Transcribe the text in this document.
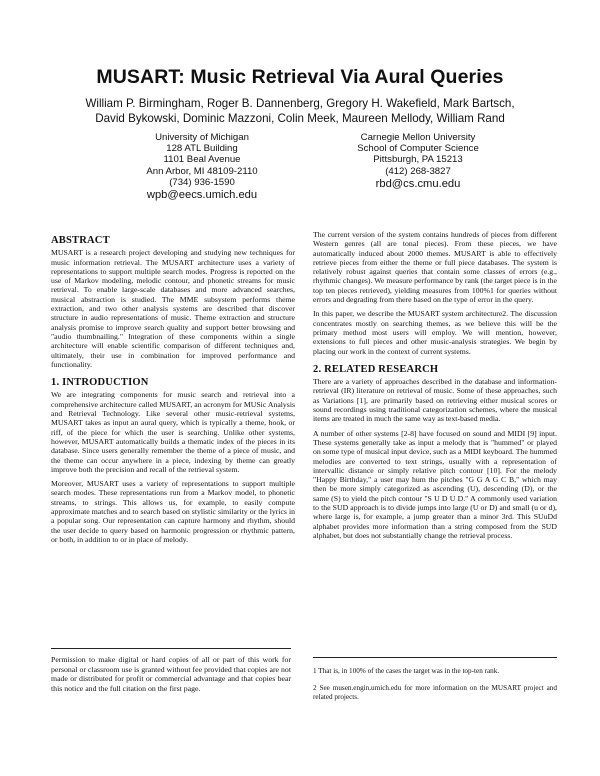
MUSART: Music Retrieval Via Aural Queries
William P. Birmingham, Roger B. Dannenberg, Gregory H. Wakefield, Mark Bartsch,
David Bykowski, Dominic Mazzoni, Colin Meek, Maureen Mellody, William Rand
University of Michigan
128 ATL Building
1101 Beal Avenue
Ann Arbor, MI 48109-2110
(734) 936-1590
wpb@eecs.umich.edu
Carnegie Mellon University
School of Computer Science
Pittsburgh, PA 15213
(412) 268-3827
rbd@cs.cmu.edu
ABSTRACT

MUSART is a research project developing and studying new techniques for music information retrieval. The MUSART architecture uses a variety of representations to support multiple search modes. Progress is reported on the use of Markov modeling, melodic contour, and phonetic streams for music retrieval. To enable large-scale databases and more advanced searches, musical abstraction is studied. The MME subsystem performs theme extraction, and two other analysis systems are described that discover structure in audio representations of music. Theme extraction and structure analysis promise to improve search quality and support better browsing and "audio thumbnailing." Integration of these components within a single architecture will enable scientific comparison of different techniques and, ultimately, their use in combination for improved performance and functionality.

1. INTRODUCTION

We are integrating components for music search and retrieval into a comprehensive architecture called MUSART, an acronym for MUSic Analysis and Retrieval Technology. Like several other music-retrieval systems, MUSART takes as input an aural query, which is typically a theme, hook, or riff, of the piece for which the user is searching. Unlike other systems, however, MUSART automatically builds a thematic index of the pieces in its database. Since users generally remember the theme of a piece of music, and the theme can occur anywhere in a piece, indexing by theme can greatly improve both the precision and recall of the retrieval system.

Moreover, MUSART uses a variety of representations to support multiple search modes. These representations run from a Markov model, to phonetic streams, to strings. This allows us, for example, to easily compute approximate matches and to search based on stylistic similarity or the lyrics in a popular song. Our representation can capture harmony and rhythm, should the user decide to query based on harmonic progression or rhythmic pattern, or both, in addition to or in place of melody.

Permission to make digital or hard copies of all or part of this work for personal or classroom use is granted without fee provided that copies are not made or distributed for profit or commercial advantage and that copies bear this notice and the full citation on the first page.

The current version of the system contains hundreds of pieces from different Western genres (all are tonal pieces). From these pieces, we have automatically induced about 2000 themes. MUSART is able to effectively retrieve pieces from either the theme or full piece databases. The system is relatively robust against queries that contain some classes of errors (e.g., rhythmic changes). We measure performance by rank (the target piece is in the top ten pieces retrieved), yielding measures from 100%1 for queries without errors and degrading from there based on the type of error in the query.

In this paper, we describe the MUSART system architecture2. The discussion concentrates mostly on searching themes, as we believe this will be the primary method most users will employ. We will mention, however, extensions to full pieces and other music-analysis strategies. We begin by placing our work in the context of current systems.

2. RELATED RESEARCH

There are a variety of approaches described in the database and information-retrieval (IR) literature on retrieval of music. Some of these approaches, such as Variations [1], are primarily based on retrieving either musical scores or sound recordings using traditional categorization schemes, where the musical items are treated in much the same way as text-based media.

A number of other systems [2-8] have focused on sound and MIDI [9] input. These systems generally take as input a melody that is "hummed" or played on some type of musical input device, such as a MIDI keyboard. The hummed melodies are converted to text strings, usually with a representation of intervallic distance or simply relative pitch contour [10]. For the melody "Happy Birthday," a user may hum the pitches "G G A G C B," which may then be more simply categorized as ascending (U), descending (D), or the same (S) to yield the pitch contour "S U D U D." A commonly used variation to the SUD approach is to divide jumps into large (U or D) and small (u or d), where large is, for example, a jump greater than a minor 3rd. This SUuDd alphabet provides more information than a string composed from the SUD alphabet, but does not substantially change the retrieval process.

1 That is, in 100% of the cases the target was in the top-ten rank.

2 See musen.engin.umich.edu for more information on the MUSART project and related projects.
